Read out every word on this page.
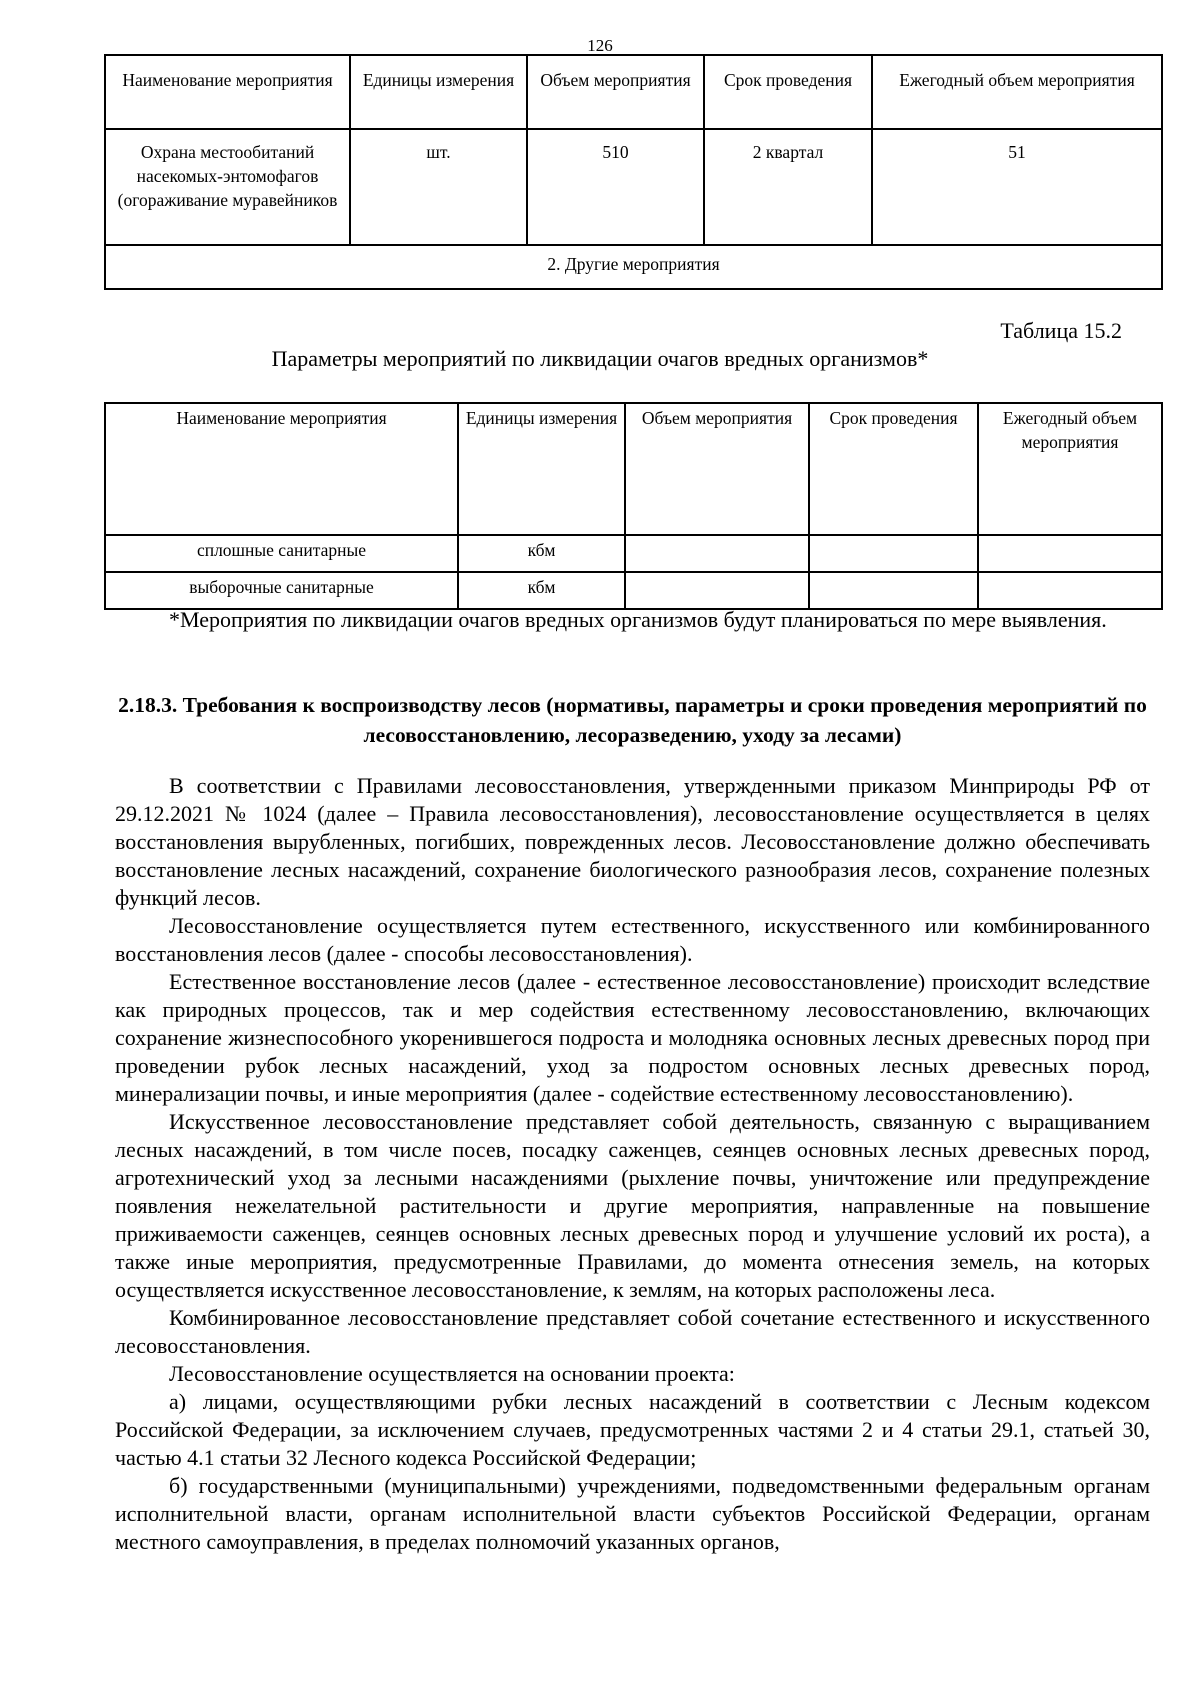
126
Наименование мероприятия	Единицы измерения	Объем мероприятия	Срок проведения	Ежегодный объем мероприятия
Охрана местообитаний насекомых-энтомофагов (огораживание муравейников	шт.	510	2 квартал	51
2. Другие мероприятия				
Таблица 15.2
Параметры мероприятий по ликвидации очагов вредных организмов*
Наименование мероприятия	Единицы измерения	Объем мероприятия	Срок проведения	Ежегодный объем мероприятия
сплошные санитарные	кбм			
выборочные санитарные	кбм			

*Мероприятия по ликвидации очагов вредных организмов будут планироваться по мере выявления.

2.18.3. Требования к воспроизводству лесов (нормативы, параметры и сроки проведения мероприятий по лесовосстановлению, лесоразведению, уходу за лесами)

В соответствии с Правилами лесовосстановления, утвержденными приказом Минприроды РФ от 29.12.2021 № 1024 (далее – Правила лесовосстановления), лесовосстановление осуществляется в целях восстановления вырубленных, погибших, поврежденных лесов. Лесовосстановление должно обеспечивать восстановление лесных насаждений, сохранение биологического разнообразия лесов, сохранение полезных функций лесов.

Лесовосстановление осуществляется путем естественного, искусственного или комбинированного восстановления лесов (далее - способы лесовосстановления).

Естественное восстановление лесов (далее - естественное лесовосстановление) происходит вследствие как природных процессов, так и мер содействия естественному лесовосстановлению, включающих сохранение жизнеспособного укоренившегося подроста и молодняка основных лесных древесных пород при проведении рубок лесных насаждений, уход за подростом основных лесных древесных пород, минерализации почвы, и иные мероприятия (далее - содействие естественному лесовосстановлению).

Искусственное лесовосстановление представляет собой деятельность, связанную с выращиванием лесных насаждений, в том числе посев, посадку саженцев, сеянцев основных лесных древесных пород, агротехнический уход за лесными насаждениями (рыхление почвы, уничтожение или предупреждение появления нежелательной растительности и другие мероприятия, направленные на повышение приживаемости саженцев, сеянцев основных лесных древесных пород и улучшение условий их роста), а также иные мероприятия, предусмотренные Правилами, до момента отнесения земель, на которых осуществляется искусственное лесовосстановление, к землям, на которых расположены леса.

Комбинированное лесовосстановление представляет собой сочетание естественного и искусственного лесовосстановления.

Лесовосстановление осуществляется на основании проекта:

а) лицами, осуществляющими рубки лесных насаждений в соответствии с Лесным кодексом Российской Федерации, за исключением случаев, предусмотренных частями 2 и 4 статьи 29.1, статьей 30, частью 4.1 статьи 32 Лесного кодекса Российской Федерации;

б) государственными (муниципальными) учреждениями, подведомственными федеральным органам исполнительной власти, органам исполнительной власти субъектов Российской Федерации, органам местного самоуправления, в пределах полномочий указанных органов,
